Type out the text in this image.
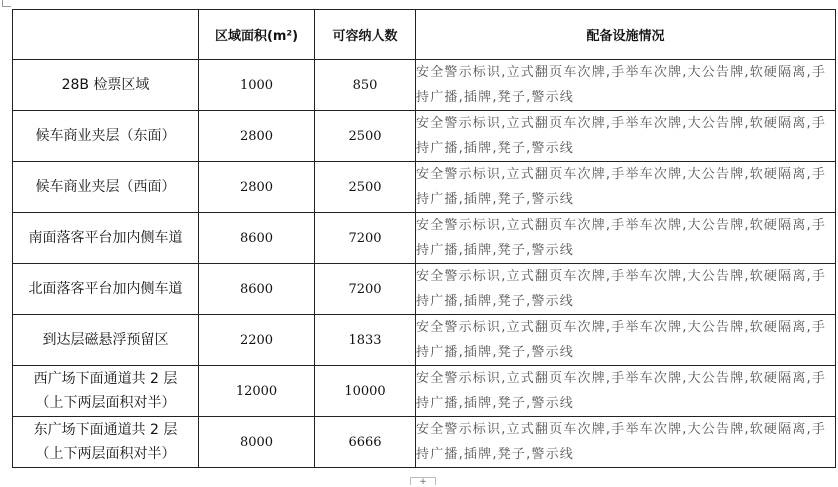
	区域面积(m²)	可容纳人数	配备设施情况
28B 检票区域	1000	850	安全警示标识,立式翻页车次牌,手举车次牌,大公告牌,软硬隔离,手持广播,插牌,凳子,警示线
候车商业夹层（东面）	2800	2500	安全警示标识,立式翻页车次牌,手举车次牌,大公告牌,软硬隔离,手持广播,插牌,凳子,警示线
候车商业夹层（西面）	2800	2500	安全警示标识,立式翻页车次牌,手举车次牌,大公告牌,软硬隔离,手持广播,插牌,凳子,警示线
南面落客平台加内侧车道	8600	7200	安全警示标识,立式翻页车次牌,手举车次牌,大公告牌,软硬隔离,手持广播,插牌,凳子,警示线
北面落客平台加内侧车道	8600	7200	安全警示标识,立式翻页车次牌,手举车次牌,大公告牌,软硬隔离,手持广播,插牌,凳子,警示线
到达层磁悬浮预留区	2200	1833	安全警示标识,立式翻页车次牌,手举车次牌,大公告牌,软硬隔离,手持广播,插牌,凳子,警示线

西广场下面通道共 2 层
（上下两层面积对半）	12000	10000	安全警示标识,立式翻页车次牌,手举车次牌,大公告牌,软硬隔离,手持广播,插牌,凳子,警示线

东广场下面通道共 2 层
（上下两层面积对半）	8000	6666	安全警示标识,立式翻页车次牌,手举车次牌,大公告牌,软硬隔离,手持广播,插牌,凳子,警示线
+
